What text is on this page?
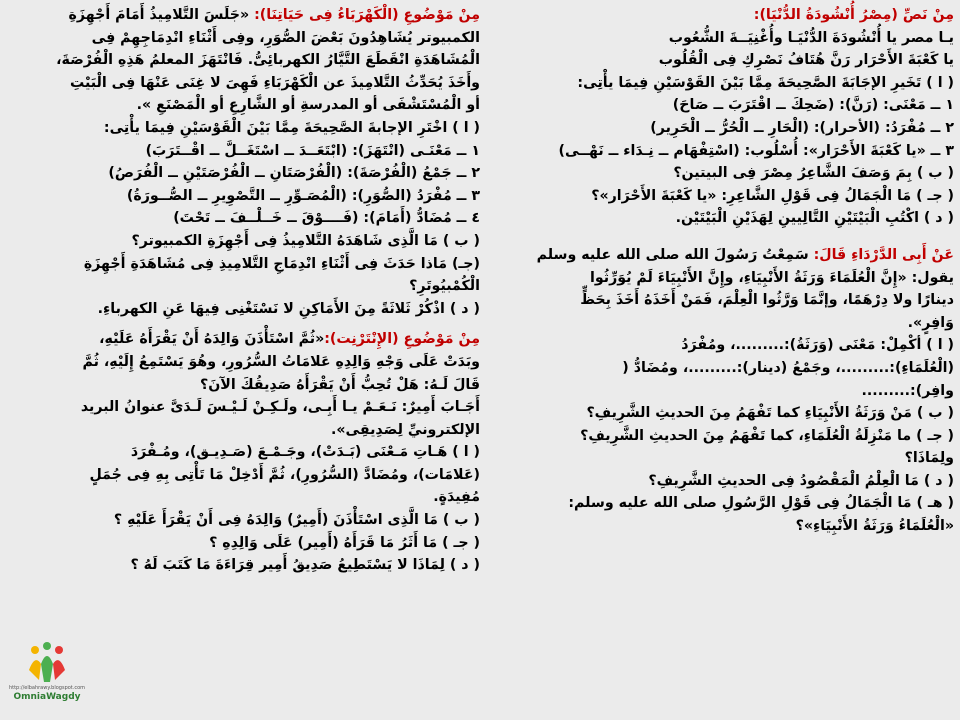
مِنْ نَصِّ (مِصْرُ أُنْشُودَةُ الدُّنْيَا):

يـا مصر يا أُنْشُودَةَ الدُّنْيَـا وأُغْنِيَــةَ الشُّعُوب

يا كَعْبَةَ الأَحْرَار رَنَّ هُتَافُ نَصْرِكِ فِى الْقُلُوب

( ا ) تَخَيرِ الإجَابَةَ الصَّحِيحَةَ مِمَّا بَيْنَ القَوْسَيْنِ فِيمَا يأْتِى:

١ ــ مَعْنَى: (رَنَّ): (ضَحِكَ ــ اقْتَرَبَ ــ صَاحَ)

٢ ــ مُفْرَدُ: (الأحرار): (الْحَارِ ــ الْحُرُّ ــ الْحَرِير)

٣ ــ «يا كَعْبَةَ الأَحْرَار»: أُسْلُوب: (اسْتِفْهَام ــ نِـدَاء ــ نَهْــى)

( ب ) بِمَ وَصَفَ الشَّاعِرُ مِصْرَ فِى البيتين؟

( جـ ) مَا الْجَمَالُ فِى قَوْلِ الشَّاعِرِ: «يا كَعْبَةَ الأَحْرَار»؟

( د ) اكْتُبِ الْبَيْتَيْنِ التَّالِيينِ لِهَذَيْنِ الْبَيْتَيْن.

عَنْ أَبِى الدَّرْدَاءِ قَالَ: سَمِعْتُ رَسُولَ الله صلى الله عليه وسلم

يقول: «إِنَّ الْعُلَمَاءَ وَرَثَةُ الأَنْبِيَاءِ، وإِنَّ الأَنْبِيَاءَ لَمْ يُوَرِّثُوا

دينارًا ولا دِرْهَمًا، وإنَّمَا وَرَّثُوا الْعِلْمَ، فَمَنْ أَخَذَهُ أَخَذَ بِحَظٍّ

وَافِرٍ».

( ا ) أكْمِلْ: مَعْنَى (وَرَثَةُ):.........، ومُفْرَدُ

(الْعُلَمَاءِ):.........، وجَمْعُ (دينار):.........، ومُضَادُّ (

وافِر):.........

( ب ) مَنْ وَرَثَةُ الأَنْبِيَاءِ كما تَفْهَمُ مِنَ الحديثِ الشَّرِيفِ؟

( جـ ) ما مَنْزِلَةُ الْعُلَمَاءِ، كما تَفْهَمُ مِنَ الحديثِ الشَّرِيفِ؟

ولِمَاذَا؟

( د ) مَا الْعِلْمُ الْمَقْصُودُ فِى الحديثِ الشَّرِيفِ؟

( هـ ) مَا الْجَمَالُ فِى قَوْلِ الرَّسُولِ صلى الله عليه وسلم:

«الْعُلَمَاءُ وَرَثَةُ الأَنْبِيَاءِ»؟

مِنْ مَوْضُوعِ (الْكَهْرَبَاءُ فِى حَيَاتِنَا): «جَلَسَ التَّلامِيذُ أَمَامَ أَجْهِزَةِ

الكمبيوتر يُشَاهِدُونَ بَعْضَ الصُّوَرِ، وفِى أَثْنَاءِ انْدِمَاجِهِمْ فِى

الْمُشَاهَدَةِ انْقَطَعَ التَّيَّارُ الكهربائِىُّ. فَانْتَهَزَ المعلمُ هَذِهِ الْفُرْصَةَ،

وأَخَذَ يُحَدِّثُ التَّلامِيذَ عن الْكَهْرَبَاءِ فَهِىَ لا غِنَى عَنْهَا فِى الْبَيْتِ

أو الْمُسْتَشْفَى أو المدرسةِ أو الشَّارِعِ أو الْمَصْنَعِ ».

( ا ) اخْتَرِ الإجابةَ الصَّحِيحَةَ مِمَّا بَيْنَ الْقَوْسَيْنِ فِيمَا يأْتِى:

١ ــ مَعْنَـى (انْتَهَزَ): (ابْتَعَــدَ ــ اسْتَغَــلَّ ــ اقْــتَرَبَ)

٢ ــ جَمْعُ (الْفُرْصَةَ): (الْفُرْصَتَانِ ــ الْفُرْصَتَيْنِ ــ الْفُرَصُ)

٣ ــ مُفْرَدُ (الصُّوَرِ): (الْمُصَـوِّرِ ــ التَّصْوِيرِ ــ الصُّــورَةُ)

٤ ــ مُضَادُّ (أَمَامَ): (فَــــوْقَ ــ خَــلْــفَ ــ تَحْتَ)

( ب ) مَا الَّذِى شَاهَدَهُ التَّلامِيذُ فِى أَجْهِزَةِ الكمبيوتر؟

(جـ) مَاذا حَدَثَ فِى أَثْنَاءِ انْدِمَاجِ التَّلامِيذِ فِى مُشَاهَدَةِ أَجْهِزَةِ

الْكُمْبيُوتَرِ؟

( د ) اذْكُرْ ثَلاثَةً مِنَ الأَمَاكِنِ لا نَسْتَغْنِى فِيهَا عَنِ الكهرباءِ.

مِنْ مَوْضُوعِ (الإِنْتَرْنِت):«ثُمَّ اسْتَأْذَنَ وَالِدَهُ أَنْ يَقْرَأَهُ عَلَيْهِ،

وبَدَتْ عَلَى وَجْهِ وَالِدِهِ عَلامَاتُ السُّرُورِ، وهُوَ يَسْتَمِعُ إِلَيْهِ، ثُمَّ

قَالَ لَـهُ: هَلْ تُحِبُّ أَنْ يَقْرَأَهُ صَدِيقُكَ الآنَ؟

أَجَـابَ أَمِيرٌ: نَـعَـمْ يـا أَبِـى، ولَـكِـنْ لَـيْـسَ لَـدَىَّ عنوانُ البريد

الإلكترونيِّ لِصَدِيقِى».

( ا ) هَـاتِ مَـعْنَى (بَـدَتْ)، وجَـمْـعَ (صَـدِيـق)، ومُـفْرَدَ

(عَلامَات)، ومُضَادَّ (السُّرُورِ)، ثُمَّ أَدْخِلْ مَا تَأْتِى بِهِ فِى جُمَلٍ

مُفِيدَةٍ.

( ب ) مَا الَّذِى اسْتَأْذَنَ (أَمِيرٌ) وَالِدَهُ فِى أَنْ يَقْرَأَ عَلَيْهِ ؟

( جـ ) مَا أَثَرُ مَا قَرَأَهُ (أَمِير) عَلَى وَالِدِهِ ؟

( د ) لِمَاذَا لا يَسْتَطِيعُ صَدِيقُ أَمِير قِرَاءَةَ مَا كَتَبَ لَهُ ؟

http://elbahrawy.blogspot.com
OmniaWagdy
